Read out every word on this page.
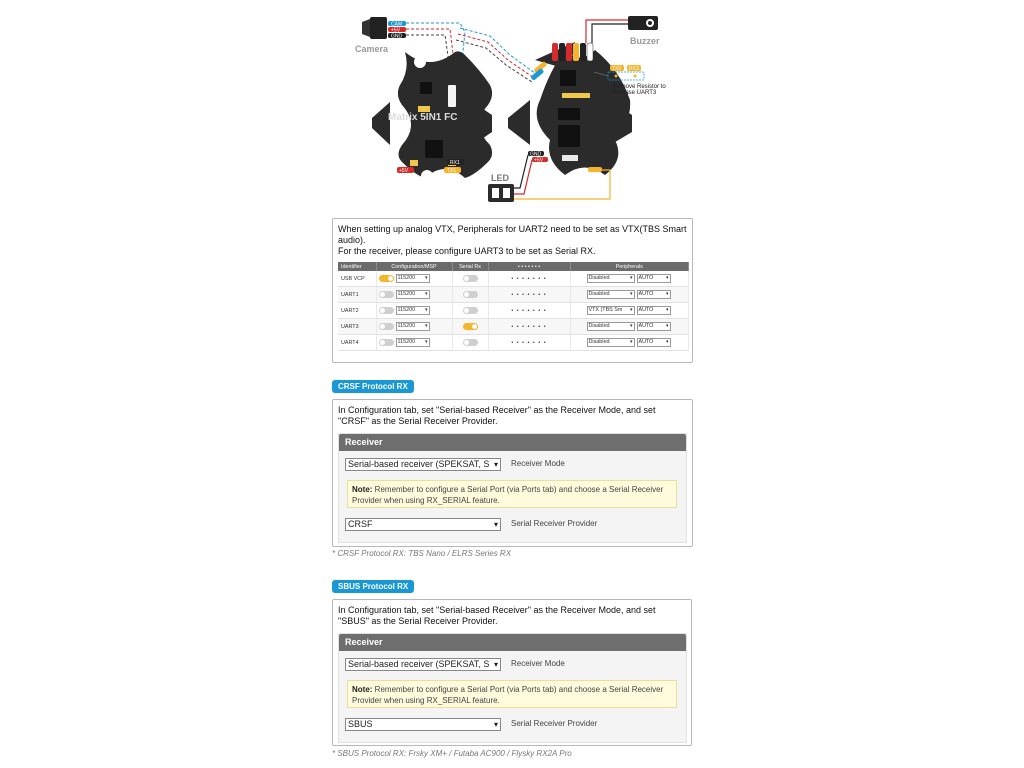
Camera
CAM
+5V
GND
Matrix 5IN1 FC
RX1
+5V	TX1
Buzzer
TX3 RX3
Remove Resistor to
Release UART3
LED
GND
+5V
When setting up analog VTX, Peripherals for UART2 need to be set as VTX(TBS Smart audio).
For the receiver, please configure UART3 to be set as Serial RX.
Identifier	Configuration/MSP	Serial Rx	• • • • • • •	Peripherals
USB VCP	115200 ▾		• • • • • • •	Disabled ▾ AUTO ▾
UART1	115200 ▾		• • • • • • •	Disabled ▾ AUTO ▾
UART2	115200 ▾		• • • • • • •	VTX (TBS Sm ▾ AUTO ▾
UART3	115200 ▾		• • • • • • •	Disabled ▾ AUTO ▾
UART4	115200 ▾		• • • • • • •	Disabled ▾ AUTO ▾
CRSF Protocol RX
In Configuration tab, set "Serial-based Receiver" as the Receiver Mode, and set "CRSF" as the Serial Receiver Provider.
Receiver
Serial-based receiver (SPEKSAT, S ▾	Receiver Mode
Note: Remember to configure a Serial Port (via Ports tab) and choose a Serial Receiver Provider when using RX_SERIAL feature.
CRSF ▾	Serial Receiver Provider
* CRSF Protocol RX: TBS Nano / ELRS Series RX
SBUS Protocol RX
In Configuration tab, set "Serial-based Receiver" as the Receiver Mode, and set "SBUS" as the Serial Receiver Provider.
Receiver
Serial-based receiver (SPEKSAT, S ▾	Receiver Mode
Note: Remember to configure a Serial Port (via Ports tab) and choose a Serial Receiver Provider when using RX_SERIAL feature.
SBUS ▾	Serial Receiver Provider
* SBUS Protocol RX: Frsky XM+ / Futaba AC900 / Flysky RX2A Pro
